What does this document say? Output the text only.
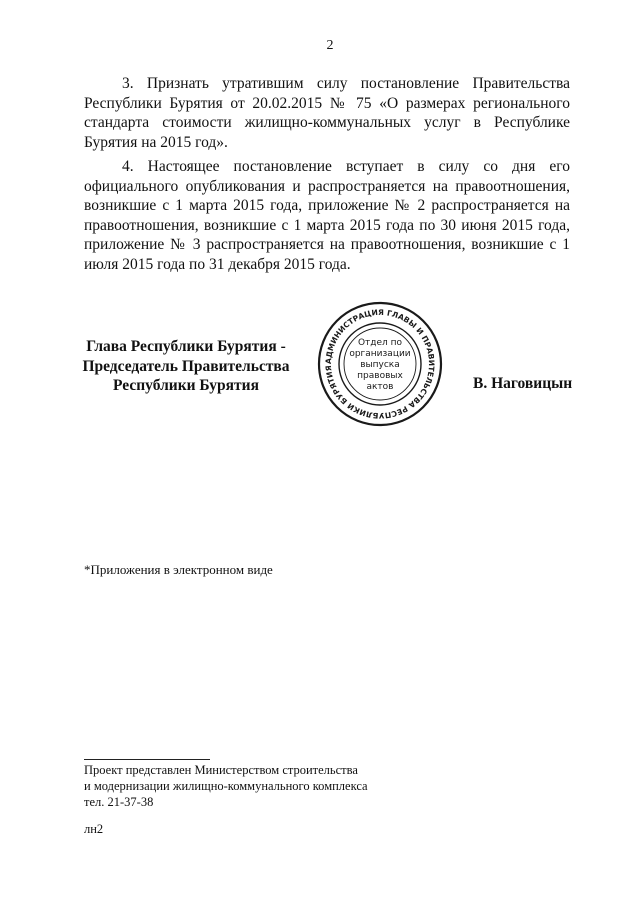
2

3. Признать утратившим силу постановление Правительства Республики Бурятия от 20.02.2015 № 75 «О размерах регионального стандарта стоимости жилищно-коммунальных услуг в Республике Бурятия на 2015 год».

4. Настоящее постановление вступает в силу со дня его официального опубликования и распространяется на правоотношения, возникшие с 1 марта 2015 года, приложение № 2 распространяется на правоотношения, возникшие с 1 марта 2015 года по 30 июня 2015 года, приложение № 3 распространяется на правоотношения, возникшие с 1 июля 2015 года по 31 декабря 2015 года.

Глава Республики Бурятия -
Председатель Правительства
Республики Бурятия
АДМИНИСТРАЦИЯ ГЛАВЫ И ПРАВИТЕЛЬСТВА РЕСПУБЛИКИ БУРЯТИЯ
Отдел по
организации
выпуска
правовых
актов	В. Наговицын
*Приложения в электронном виде
Проект представлен Министерством строительства
и модернизации жилищно-коммунального комплекса
тел. 21-37-38
лн2
